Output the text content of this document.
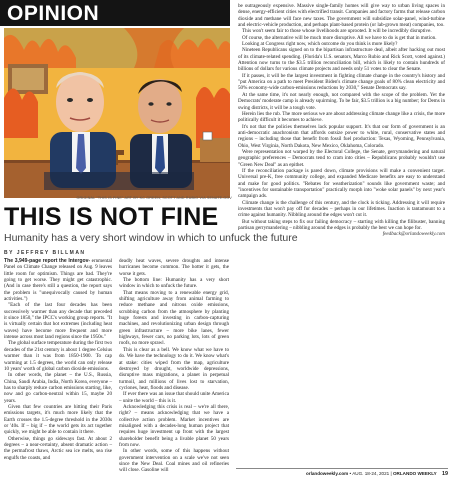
OPINION
ORIGINAL "THIS IS FINE" ART BY KC GREEN; SCOTT AND RUBIO VIA SENATE.GOV
THIS IS NOT FINE
Humanity has a very short window in which to unfuck the future
BY JEFFREY BILLMAN

The 3,949-page report the Intergov- ernmental Panel on Climate Change released on Aug. 9 leaves little room for optimism. Things are bad. They're going to get worse. They might get catastrophic. (And in case there's still a question, the report says the problem is "unequivocally caused by human activities.")

"Each of the last four decades has been successively warmer than any decade that preceded it since 1850," the IPCC's working group reports. "It is virtually certain that hot extremes (including heat waves) have become more frequent and more intense across most land regions since the 1950s."

The global surface temperature during the first two decades of the 21st century is about 1 degree Celsius warmer than it was from 1850-1900. To cap warming at 1.5 degrees, the world can only release 10 years' worth of global carbon dioxide emissions.

In other words, the planet – the U.S., Russia, China, Saudi Arabia, India, North Korea, everyone – has to sharply reduce carbon emissions starting, like, now and go carbon-neutral within 15, maybe 20 years.

Given that few countries are hitting their Paris emissions targets, it's much more likely that the Earth crosses the 1.5-degree threshold in the 2030s or '40s. If – big if – the world gets its act together quickly, we might be able to contain it there.

Otherwise, things go sideways fast. At about 2 degrees – a near-certainty, absent dramatic action – the permafrost thaws, Arctic sea ice melts, sea rise engulfs the coasts, and

deadly heat waves, severe droughts and intense hurricanes become common. The hotter it gets, the worse it gets.

The bottom line: Humanity has a very short window in which to unfuck the future.

That means moving to a renewable energy grid, shifting agriculture away from animal farming to reduce methane and nitrous oxide emissions, scrubbing carbon from the atmosphere by planting huge forests and investing in carbon-capturing machines, and revolutionizing urban design through green infrastructure – more bike lanes, fewer highways, fewer cars, no parking lots, lots of green roofs, no more sprawl.

This is clear as a bell. We know what we have to do. We have the technology to do it. We know what's at stake: cities wiped from the map, agriculture destroyed by drought, worldwide depressions, disruptive mass migrations, a planet in perpetual turmoil, and millions of lives lost to starvation, cyclones, heat, floods and disease.

If ever there was an issue that should unite America – unite the world – this is it.

Acknowledging this crisis is real – we're all there, right? – means acknowledging that we have a collective action problem. Market incentives are misaligned with a decades-long human project that requires huge investment up front with the largest shareholder benefit being a livable planet 50 years from now.

In other words, some of this happens without government intervention on a scale we've not seen since the New Deal. Coal mines and oil refineries will close. Gasoline will

be outrageously expensive. Massive single-family homes will give way to urban living spaces in dense, energy-efficient cities with electrified transit. Companies and factory farms that release carbon dioxide and methane will face new taxes. The government will subsidize solar-panel, wind-turbine and electric-vehicle production, and perhaps plant-based protein (or lab-grown meat) companies, too.

This won't seem fair to those whose livelihoods are uprooted. It will be incredibly disruptive.

Of course, the alternative will be much more disruptive. All we have to do is get that in motion.

Looking at Congress right now, which outcome do you think is more likely?

Nineteen Republicans signed on to the bipartisan infrastructure deal, albeit after hacking out most of its climate-related spending. (Florida's U.S. senators, Marco Rubio and Rick Scott, voted against.) Attention now turns to the $3.5 trillion reconciliation bill, which is likely to contain hundreds of billions of dollars for various climate projects and needs only 51 votes to clear the Senate.

If it passes, it will be the largest investment in fighting climate change in the country's history and "put America on a path to meet President Biden's climate change goals of 80% clean electricity and 50% economy-wide carbon-emissions reductions by 2030," Senate Democrats say.

At the same time, it's not nearly enough, not compared with the scope of the problem. Yet the Democrats' moderate camp is already squirming. To be fair, $3.5 trillion is a big number; for Dems in swing districts, it will be a tough vote.

Herein lies the rub. The more serious we are about addressing climate change like a crisis, the more politically difficult it becomes to achieve.

It's not that the policies themselves lack popular support. It's that our form of government is an anti-democratic anachronism that affords outsize power to white, rural, conservative states and regions – including those that benefit from fossil fuel production: Texas, Wyoming, Pennsylvania, Ohio, West Virginia, North Dakota, New Mexico, Oklahoma, Colorado.

Were representation not warped by the Electoral College, the Senate, gerrymandering and natural geographic preferences – Democrats tend to cram into cities – Republicans probably wouldn't use "Green New Deal" as an epithet.

If the reconciliation package is pared down, climate provisions will make a convenient target. Universal pre-K, free community college, and expanded Medicare benefits are easy to understand and make for good politics. "Rebates for weatherization" sounds like government waste; and "incentives for sustainable transportation" practically morph into "woke solar panels" by next year's campaign ads.

Climate change is the challenge of this century, and the clock is ticking. Addressing it will require investments that won't pay off for decades – perhaps in our lifetimes. Inaction is tantamount to a crime against humanity. Nibbling around the edges won't cut it.

But without taking steps to fix our failing democracy – starting with killing the filibuster, banning partisan gerrymandering – nibbling around the edges is probably the best we can hope for.

feedback@orlandoweekly.com

orlandoweekly.com • AUG. 18-24, 2021 | ORLANDO WEEKLY 19
